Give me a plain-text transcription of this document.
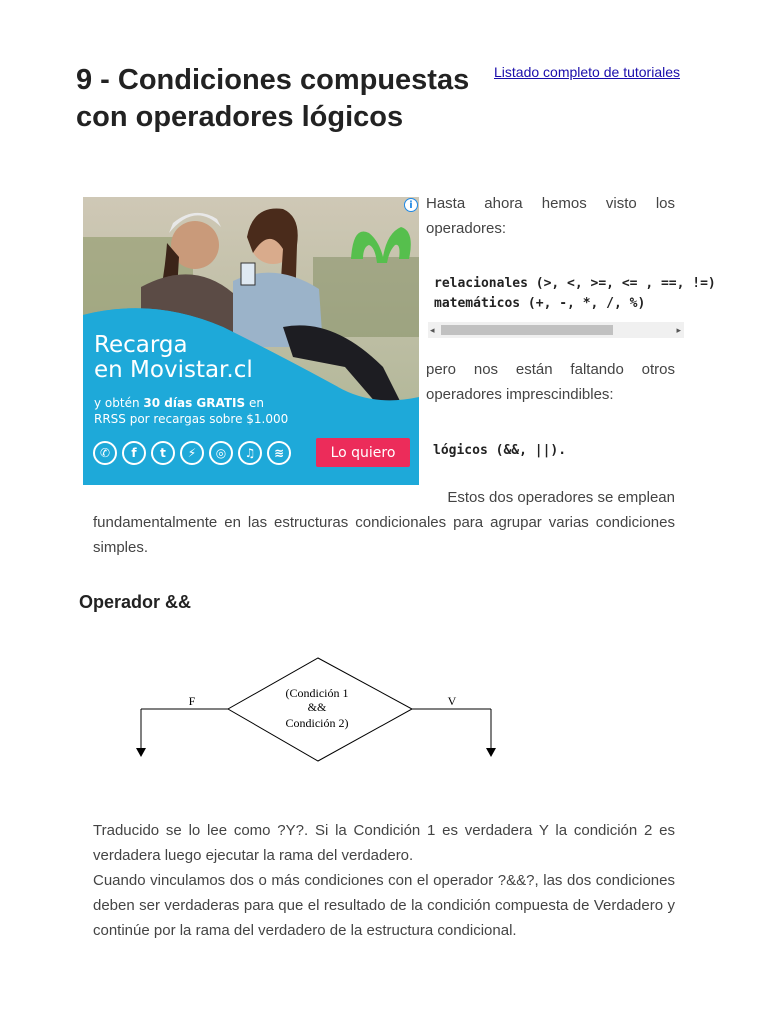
9 - Condiciones compuestas con operadores lógicos
Listado completo de tutoriales
i
Recarga
en Movistar.cl
y obtén 30 días GRATIS en
RRSS por recargas sobre $1.000
✆	f	t	⚡	◎	♫	≋	Lo quiero

Hasta ahora hemos visto los operadores:

relacionales (>, <, >=, <= , ==, !=)
matemáticos (+, -, *, /, %)
◂	▸

pero nos están faltando otros operadores imprescindibles:

lógicos (&&, ||).

Estos dos operadores se emplean

fundamentalmente en las estructuras condicionales para agrupar varias condiciones simples.

Operador &&
F	V
(Condición 1
&&
Condición 2)

Traducido se lo lee como ?Y?. Si la Condición 1 es verdadera Y la condición 2 es verdadera luego ejecutar la rama del verdadero.

Cuando vinculamos dos o más condiciones con el operador ?&&?, las dos condiciones deben ser verdaderas para que el resultado de la condición compuesta de Verdadero y continúe por la rama del verdadero de la estructura condicional.
